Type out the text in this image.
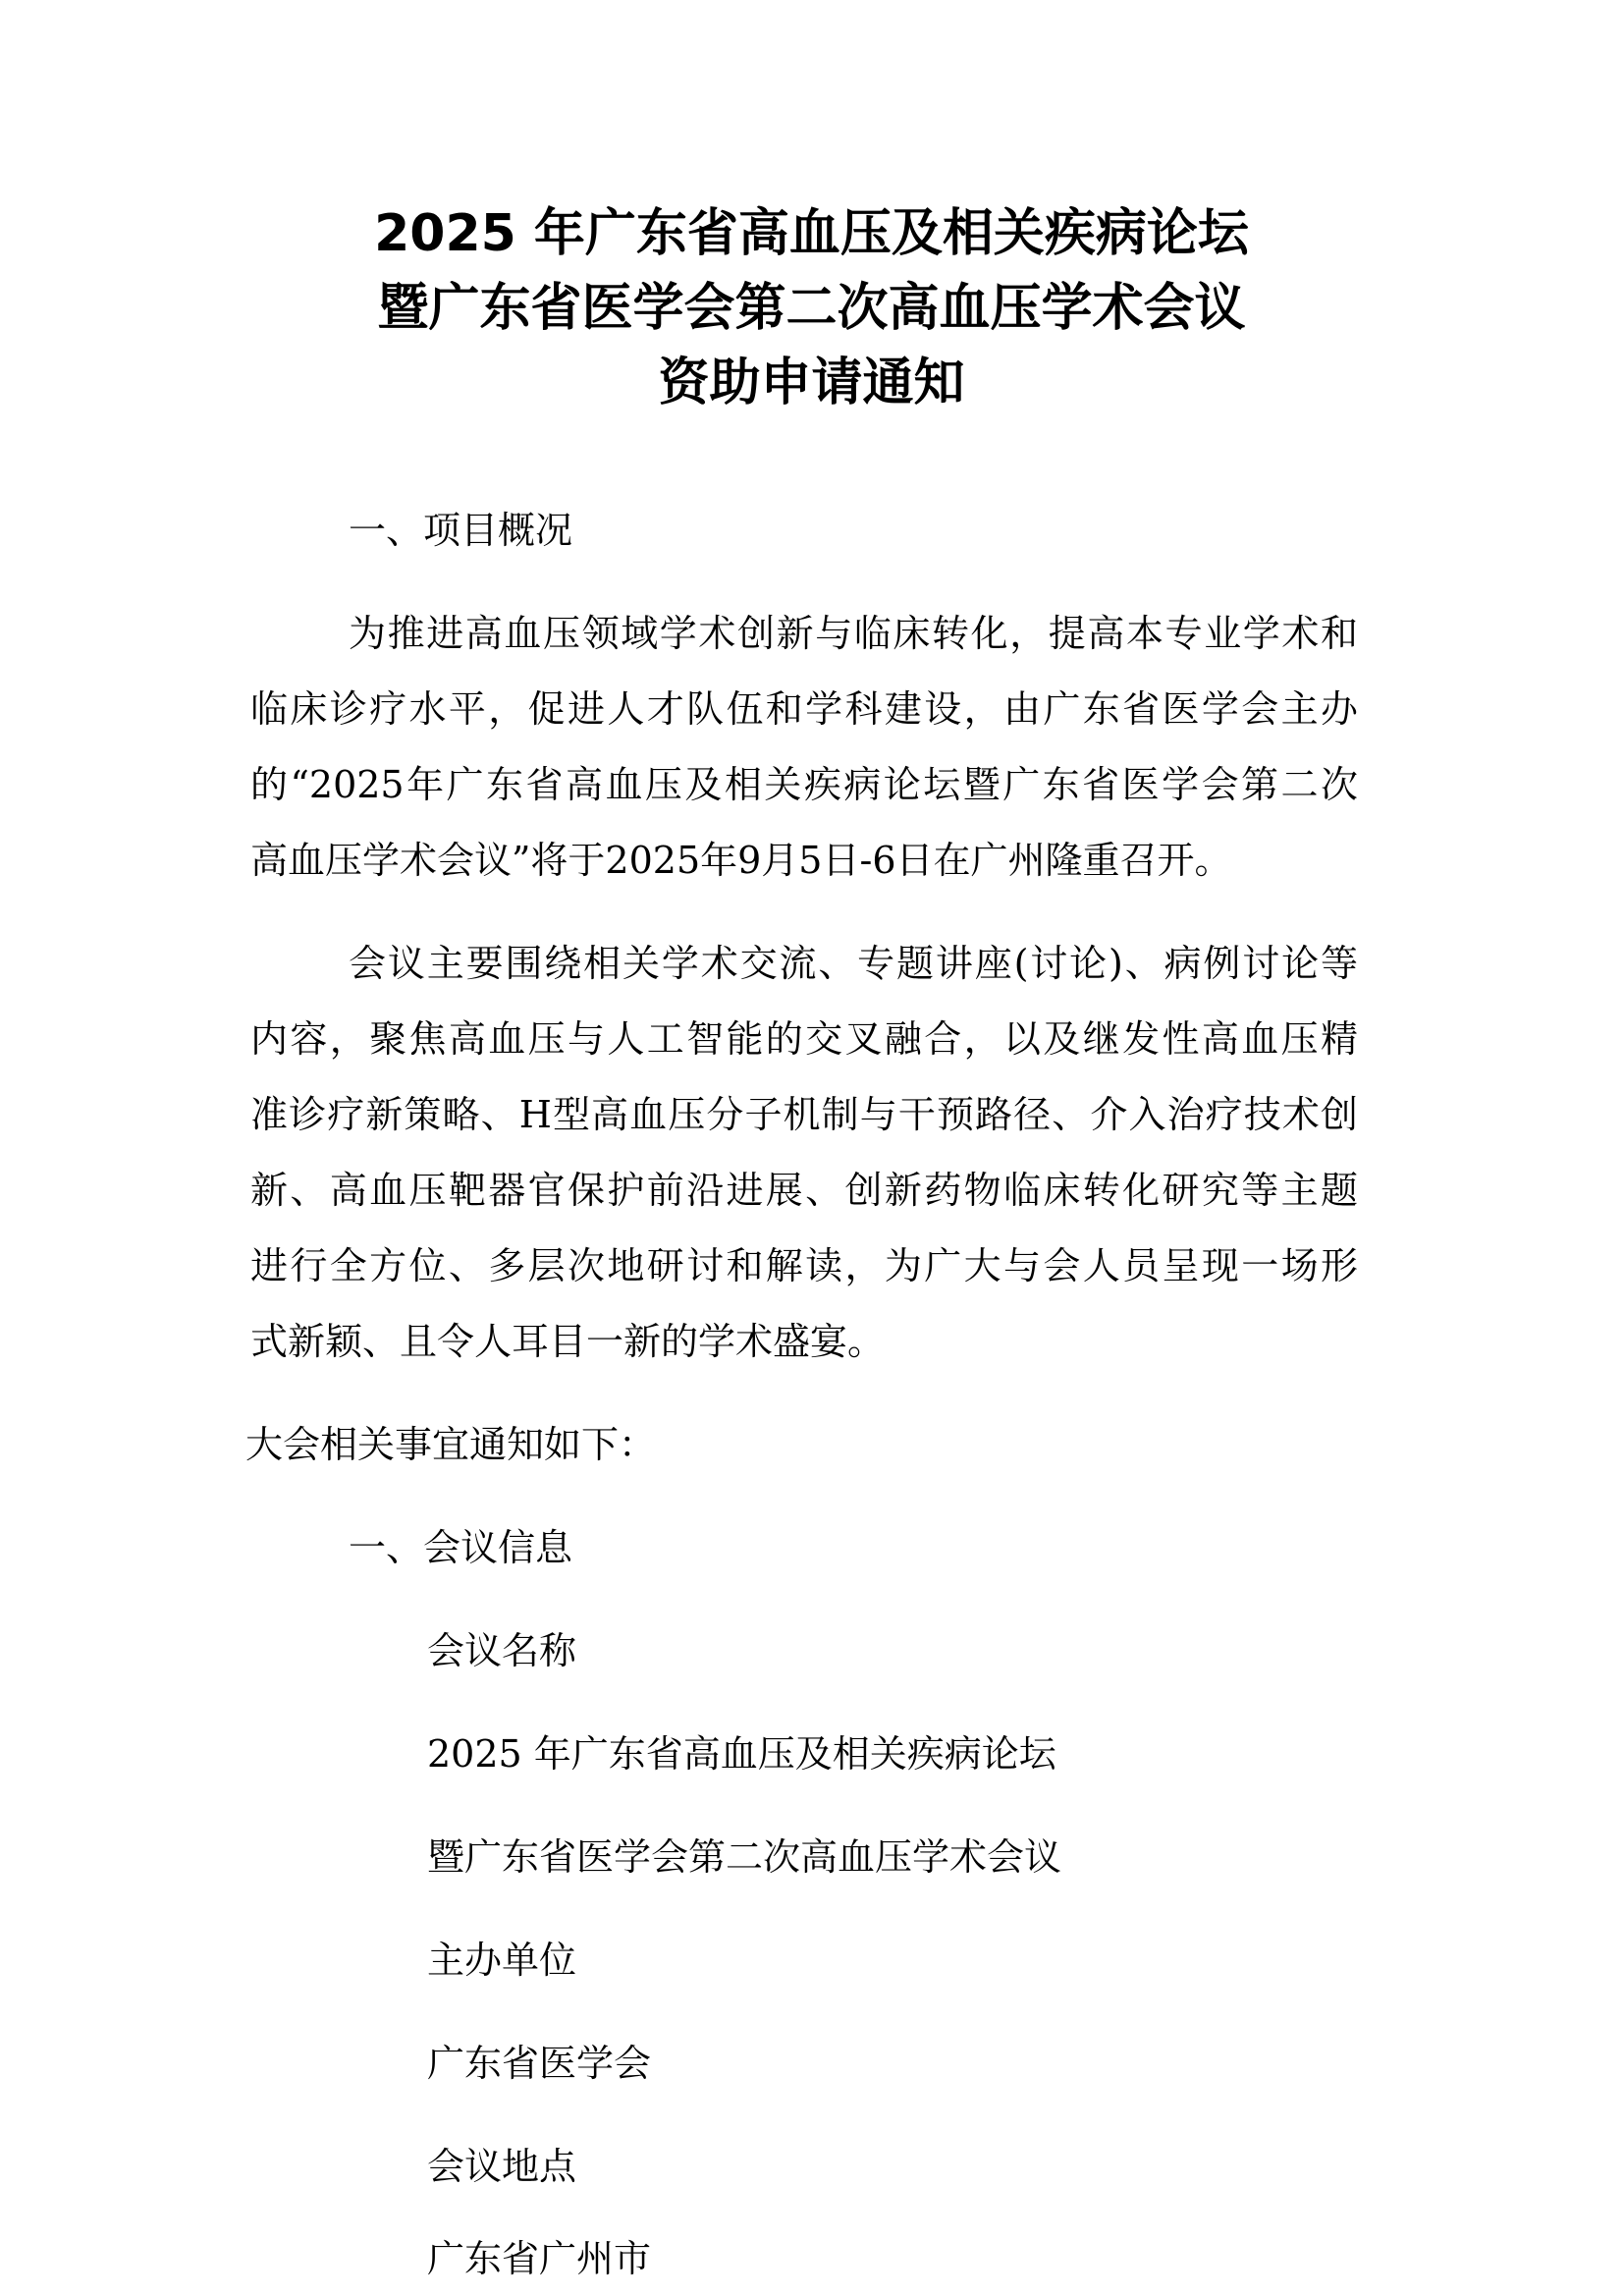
2025 年广东省高血压及相关疾病论坛
暨广东省医学会第二次高血压学术会议
资助申请通知
一、项目概况
为推进高血压领域学术创新与临床转化，提高本专业学术和
临床诊疗水平，促进人才队伍和学科建设，由广东省医学会主办
的“2025年广东省高血压及相关疾病论坛暨广东省医学会第二次
高血压学术会议”将于2025年9月5日-6日在广州隆重召开。
会议主要围绕相关学术交流、专题讲座(讨论)、病例讨论等
内容，聚焦高血压与人工智能的交叉融合，以及继发性高血压精
准诊疗新策略、H型高血压分子机制与干预路径、介入治疗技术创
新、高血压靶器官保护前沿进展、创新药物临床转化研究等主题
进行全方位、多层次地研讨和解读，为广大与会人员呈现一场形
式新颖、且令人耳目一新的学术盛宴。
大会相关事宜通知如下：
一、会议信息
会议名称
2025 年广东省高血压及相关疾病论坛
暨广东省医学会第二次高血压学术会议
主办单位
广东省医学会
会议地点
广东省广州市
